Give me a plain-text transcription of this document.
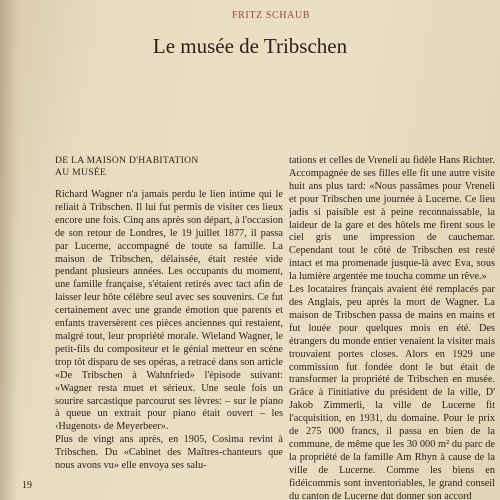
FRITZ SCHAUB
Le musée de Tribschen
DE LA MAISON D'HABITATION
AU MUSÉE

Richard Wagner n'a jamais perdu le lien intime qui le reliait à Tribschen. Il lui fut permis de visiter ces lieux encore une fois. Cinq ans après son départ, à l'occasion de son retour de Londres, le 19 juillet 1877, il passa par Lucerne, accompagné de toute sa famille. La maison de Tribschen, délaissée, était restée vide pendant plusieurs années. Les occupants du moment, une famille française, s'étaient retirés avec tact afin de laisser leur hôte célèbre seul avec ses souvenirs. Ce fut certainement avec une grande émotion que parents et enfants traversèrent ces pièces anciennes qui restaient, malgré tout, leur propriété morale. Wieland Wagner, le petit-fils du compositeur et le génial metteur en scène trop tôt disparu de ses opéras, a retracé dans son article «De Tribschen à Wahnfried» l'épisode suivant: «Wagner resta muet et sérieux. Une seule fois un sourire sarcastique parcourut ses lèvres: – sur le piano à queue un extrait pour piano était ouvert – les ‹Hugenots› de Meyerbeer».

Plus de vingt ans après, en 1905, Cosima revint à Tribschen. Du «Cabinet des Maîtres-chanteurs que nous avons vu» elle envoya ses salu-

tations et celles de Vreneli au fidèle Hans Richter. Accompagnée de ses filles elle fit une autre visite huit ans plus tard: «Nous passâmes pour Vreneli et pour Tribschen une journée à Lucerne. Ce lieu jadis si paisible est à peine reconnaissable, la laideur de la gare et des hôtels me firent sous le ciel gris une impression de cauchemar. Cependant tout le côté de Tribschen est resté intact et ma promenade jusque-là avec Eva, sous la lumière argentée me toucha comme un rêve.»

Les locataires français avaient été remplacés par des Anglais, peu après la mort de Wagner. La maison de Tribschen passa de mains en mains et fut louée pour quelques mois en été. Des étrangers du monde entier venaient la visiter mais trouvaient portes closes. Alors en 1929 une commission fut fondée dont le but était de transformer la propriété de Tribschen en musée. Grâce à l'initiative du président de la ville, D' Jakob Zimmerli, la ville de Lucerne fit l'acquisition, en 1931, du domaine. Pour le prix de 275 000 francs, il passa en bien de la commune, de même que les 30 000 m² du parc de la propriété de la famille Am Rhyn à cause de la ville de Lucerne. Comme les biens en fidéicommis sont inventoriables, le grand conseil du canton de Lucerne dut donner son accord

19
